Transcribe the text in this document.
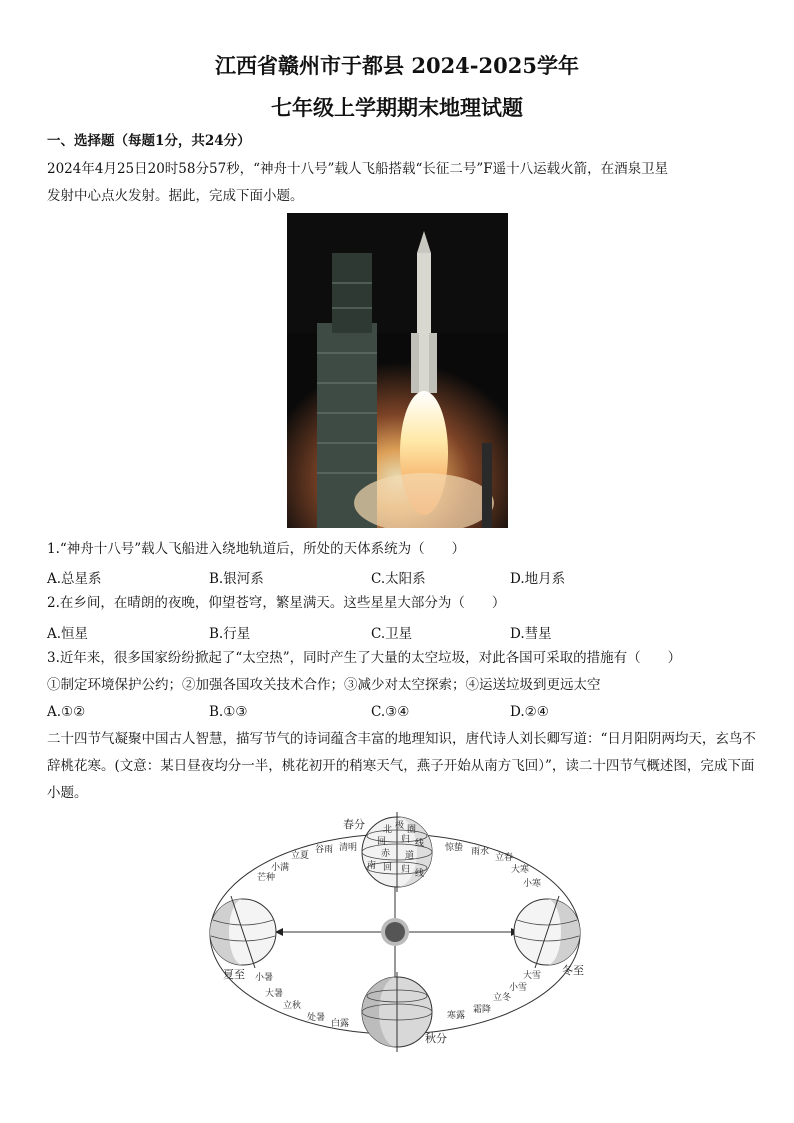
江西省赣州市于都县 2024-2025学年
七年级上学期期末地理试题
一、选择题（每题1分，共24分）
2024年4月25日20时58分57秒，“神舟十八号”载人飞船搭载“长征二号”F遥十八运载火箭，在酒泉卫星
发射中心点火发射。据此，完成下面小题。
1.“神舟十八号”载人飞船进入绕地轨道后，所处的天体系统为（　　）
A.总星系	B.银河系	C.太阳系	D.地月系
2.在乡间，在晴朗的夜晚，仰望苍穹，繁星满天。这些星星大部分为（　　）
A.恒星	B.行星	C.卫星	D.彗星
3.近年来，很多国家纷纷掀起了“太空热”，同时产生了大量的太空垃圾，对此各国可采取的措施有（　　）
①制定环境保护公约；②加强各国攻关技术合作；③减少对太空探索；④运送垃圾到更远太空
A.①②	B.①③	C.③④	D.②④
二十四节气凝聚中国古人智慧，描写节气的诗词蕴含丰富的地理知识，唐代诗人刘长卿写道：“日月阳阴两均天，玄鸟不辞桃花寒。(文意：某日昼夜均分一半，桃花初开的稍寒天气，燕子开始从南方飞回）”，读二十四节气概述图，完成下面小题。
北 极 圈
回 归 线
赤 道
南 回 归 线
春分
夏至
秋分
冬至
立夏
谷雨 清明
小满
芒种
小暑
大暑
立秋
处暑
白露
寒露
霜降
立冬
小雪
大雪
惊蛰 雨水
立春
大寒
小寒
